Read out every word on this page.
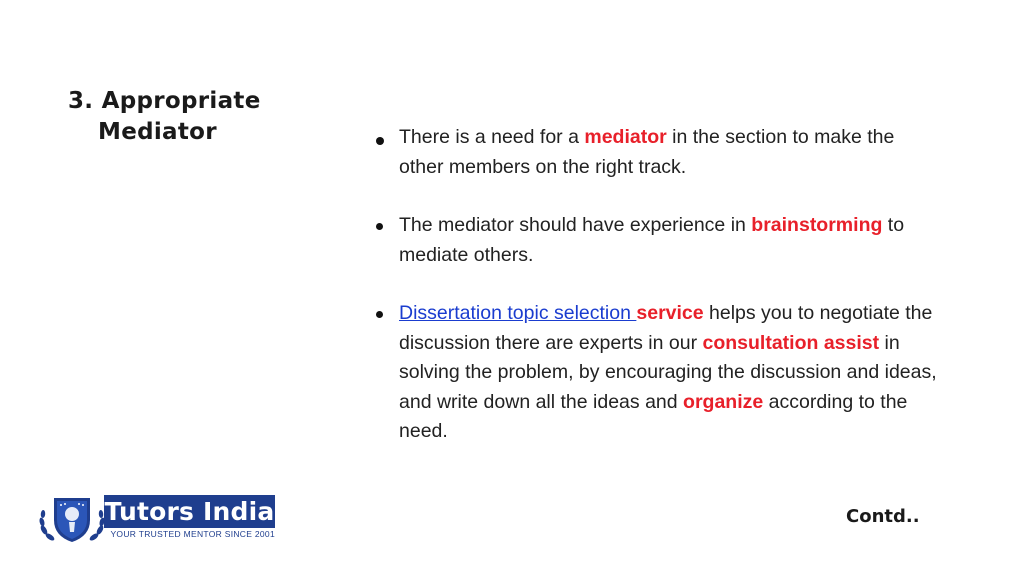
3. Appropriate
Mediator	There is a need for a mediator in the section to make the other members on the right track.
The mediator should have experience in brainstorming to mediate others.
Dissertation topic selection service helps you to negotiate the discussion there are experts in our consultation assist in solving the problem, by encouraging the discussion and ideas, and write down all the ideas and organize according to the need.
Tutors India
YOUR TRUSTED MENTOR SINCE 2001
Contd..
